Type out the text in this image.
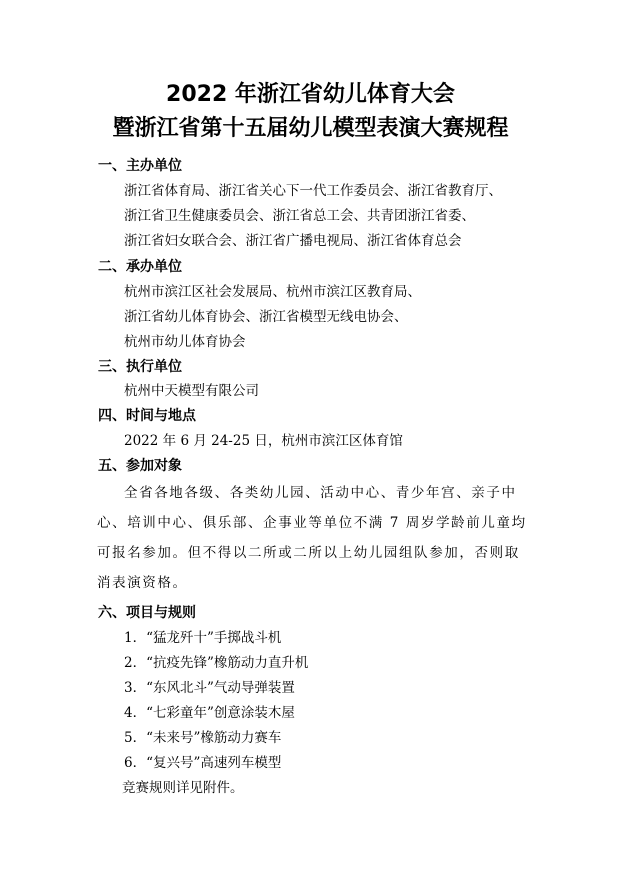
2022 年浙江省幼儿体育大会
暨浙江省第十五届幼儿模型表演大赛规程
一、主办单位
浙江省体育局、浙江省关心下一代工作委员会、浙江省教育厅、
浙江省卫生健康委员会、浙江省总工会、共青团浙江省委、
浙江省妇女联合会、浙江省广播电视局、浙江省体育总会
二、承办单位
杭州市滨江区社会发展局、杭州市滨江区教育局、
浙江省幼儿体育协会、浙江省模型无线电协会、
杭州市幼儿体育协会
三、执行单位
杭州中天模型有限公司
四、时间与地点
2022 年 6 月 24-25 日，杭州市滨江区体育馆
五、参加对象
全省各地各级、各类幼儿园、活动中心、青少年宫、亲子中心、培训中心、俱乐部、企事业等单位不满 7 周岁学龄前儿童均可报名参加。但不得以二所或二所以上幼儿园组队参加，否则取消表演资格。
六、项目与规则
1．“猛龙歼十”手掷战斗机
2．“抗疫先锋”橡筋动力直升机
3．“东风北斗”气动导弹装置
4．“七彩童年”创意涂装木屋
5．“未来号”橡筋动力赛车
6．“复兴号”高速列车模型
竞赛规则详见附件。
